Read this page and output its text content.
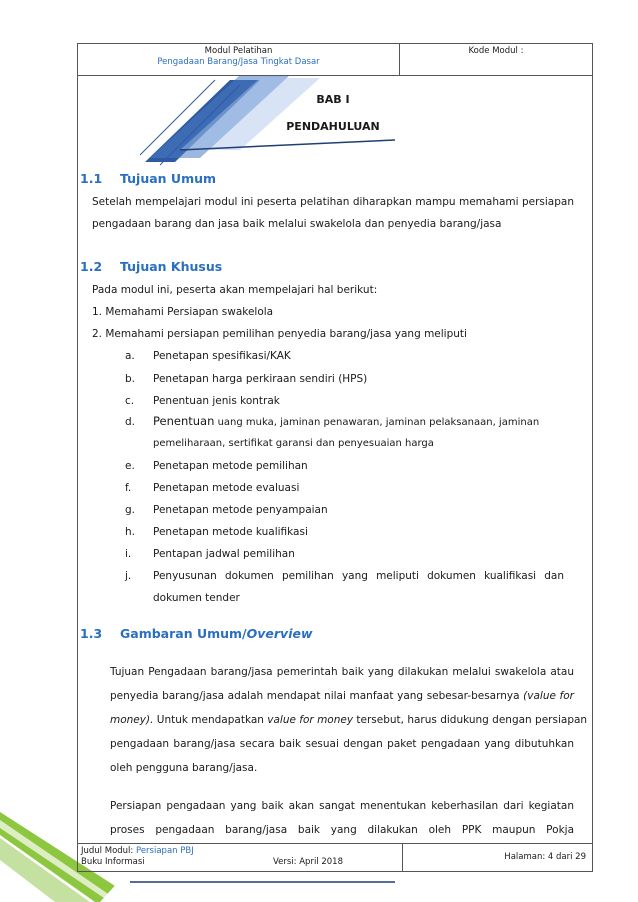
Modul Pelatihan
Pengadaan Barang/Jasa Tingkat Dasar
Kode Modul :
BAB I
PENDAHULUAN
1.1 Tujuan Umum
Setelah mempelajari modul ini peserta pelatihan diharapkan mampu memahami persiapan
pengadaan barang dan jasa baik melalui swakelola dan penyedia barang/jasa
1.2 Tujuan Khusus
Pada modul ini, peserta akan mempelajari hal berikut:
1. Memahami Persiapan swakelola
2. Memahami persiapan pemilihan penyedia barang/jasa yang meliputi
a. Penetapan spesifikasi/KAK
b. Penetapan harga perkiraan sendiri (HPS)
c. Penentuan jenis kontrak
d. Penentuan uang muka, jaminan penawaran, jaminan pelaksanaan, jaminan
pemeliharaan, sertifikat garansi dan penyesuaian harga
e. Penetapan metode pemilihan
f. Penetapan metode evaluasi
g. Penetapan metode penyampaian
h. Penetapan metode kualifikasi
i. Pentapan jadwal pemilihan
j. Penyusunan dokumen pemilihan yang meliputi dokumen kualifikasi dan
dokumen tender
1.3 Gambaran Umum/Overview
Tujuan Pengadaan barang/jasa pemerintah baik yang dilakukan melalui swakelola atau
penyedia barang/jasa adalah mendapat nilai manfaat yang sebesar-besarnya (value for
money). Untuk mendapatkan value for money tersebut, harus didukung dengan persiapan
pengadaan barang/jasa secara baik sesuai dengan paket pengadaan yang dibutuhkan
oleh pengguna barang/jasa.
Persiapan pengadaan yang baik akan sangat menentukan keberhasilan dari kegiatan
proses pengadaan barang/jasa baik yang dilakukan oleh PPK maupun Pokja
Judul Modul: Persiapan PBJ
Buku Informasi	Versi: April 2018	Halaman: 4 dari 29
